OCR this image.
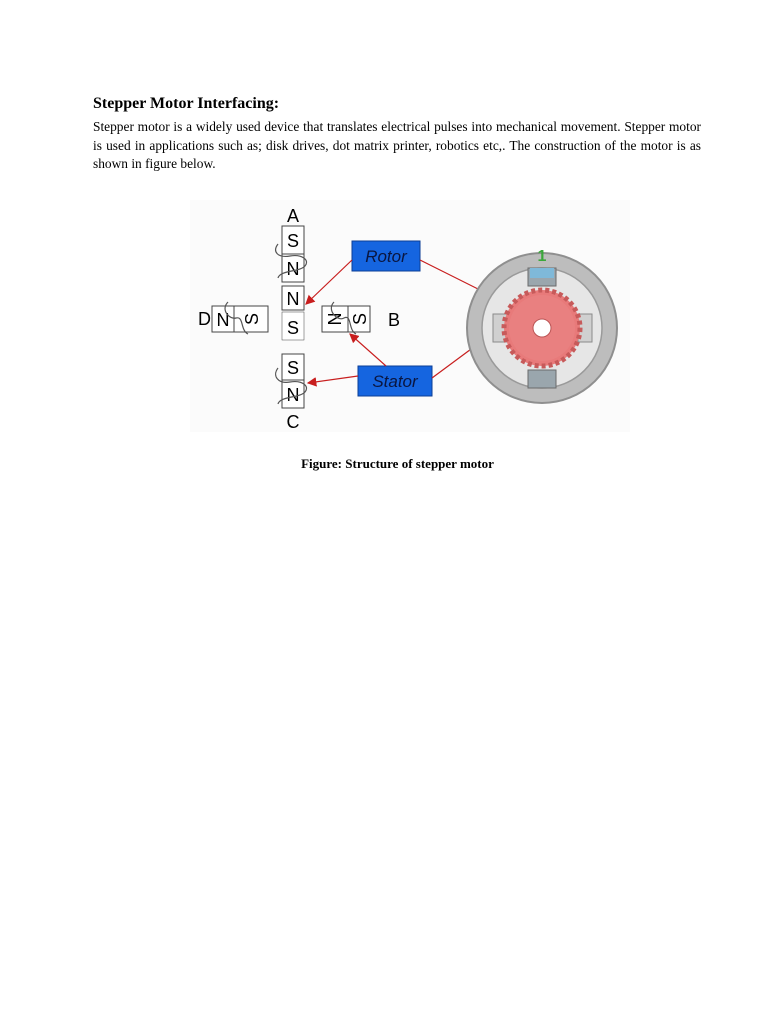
Stepper Motor Interfacing:

Stepper motor is a widely used device that translates electrical pulses into mechanical movement. Stepper motor is used in applications such as; disk drives, dot matrix printer, robotics etc,. The construction of the motor is as shown in figure below.

A
S
N
N
S
D N S	N S B
S
N
C
Rotor
Stator
1
Figure: Structure of stepper motor
